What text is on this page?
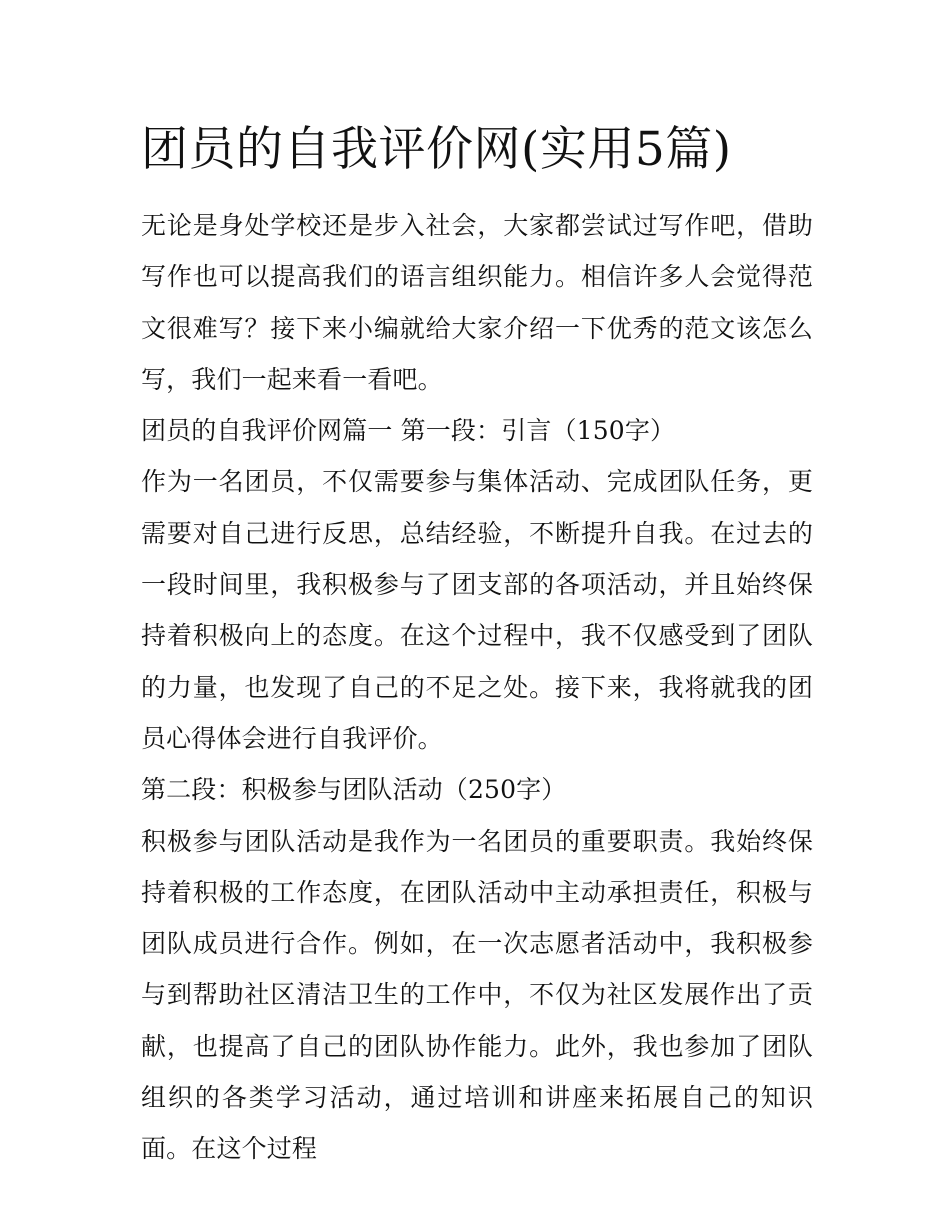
团员的自我评价网(实用5篇)

无论是身处学校还是步入社会，大家都尝试过写作吧，借助写作也可以提高我们的语言组织能力。相信许多人会觉得范文很难写？接下来小编就给大家介绍一下优秀的范文该怎么写，我们一起来看一看吧。

团员的自我评价网篇一 第一段：引言（150字）

作为一名团员，不仅需要参与集体活动、完成团队任务，更需要对自己进行反思，总结经验，不断提升自我。在过去的一段时间里，我积极参与了团支部的各项活动，并且始终保持着积极向上的态度。在这个过程中，我不仅感受到了团队的力量，也发现了自己的不足之处。接下来，我将就我的团员心得体会进行自我评价。

第二段：积极参与团队活动（250字）

积极参与团队活动是我作为一名团员的重要职责。我始终保持着积极的工作态度，在团队活动中主动承担责任，积极与团队成员进行合作。例如，在一次志愿者活动中，我积极参与到帮助社区清洁卫生的工作中，不仅为社区发展作出了贡献，也提高了自己的团队协作能力。此外，我也参加了团队组织的各类学习活动，通过培训和讲座来拓展自己的知识面。在这个过程
